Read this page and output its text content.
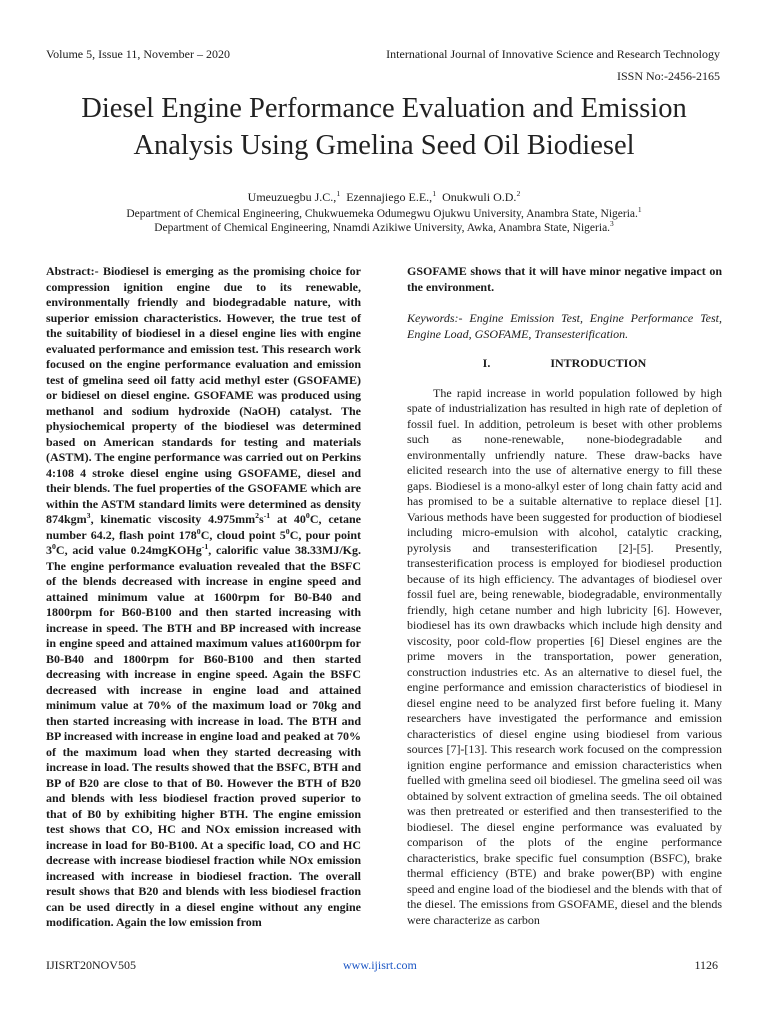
Volume 5, Issue 11, November – 2020	International Journal of Innovative Science and Research Technology
ISSN No:-2456-2165
Diesel Engine Performance Evaluation and Emission Analysis Using Gmelina Seed Oil Biodiesel
Umeuzuegbu J.C.,$^1$ Ezennajiego E.E.,$^1$ Onukwuli O.D.$^2$
Department of Chemical Engineering, Chukwuemeka Odumegwu Ojukwu University, Anambra State, Nigeria.$^1$
Department of Chemical Engineering, Nnamdi Azikiwe University, Awka, Anambra State, Nigeria.$^3$

Abstract:- Biodiesel is emerging as the promising choice for compression ignition engine due to its renewable, environmentally friendly and biodegradable nature, with superior emission characteristics. However, the true test of the suitability of biodiesel in a diesel engine lies with engine evaluated performance and emission test. This research work focused on the engine performance evaluation and emission test of gmelina seed oil fatty acid methyl ester (GSOFAME) or bidiesel on diesel engine. GSOFAME was produced using methanol and sodium hydroxide (NaOH) catalyst. The physiochemical property of the biodiesel was determined based on American standards for testing and materials (ASTM). The engine performance was carried out on Perkins 4:108 4 stroke diesel engine using GSOFAME, diesel and their blends. The fuel properties of the GSOFAME which are within the ASTM standard limits were determined as density 874kgm$^3$, kinematic viscosity $4.975mm^2s^{-1}$ at $40^0C$, cetane number 64.2, flash point $178^0C$, cloud point $5^0C$, pour point $3^0C$, acid value 0.24mgKOHg$^{-1}$, calorific value 38.33MJ/Kg. The engine performance evaluation revealed that the BSFC of the blends decreased with increase in engine speed and attained minimum value at 1600rpm for B0-B40 and 1800rpm for B60-B100 and then started increasing with increase in speed. The BTH and BP increased with increase in engine speed and attained maximum values at1600rpm for B0-B40 and 1800rpm for B60-B100 and then started decreasing with increase in engine speed. Again the BSFC decreased with increase in engine load and attained minimum value at 70% of the maximum load or 70kg and then started increasing with increase in load. The BTH and BP increased with increase in engine load and peaked at 70% of the maximum load when they started decreasing with increase in load. The results showed that the BSFC, BTH and BP of B20 are close to that of B0. However the BTH of B20 and blends with less biodiesel fraction proved superior to that of B0 by exhibiting higher BTH. The engine emission test shows that CO, HC and NOx emission increased with increase in load for B0-B100. At a specific load, CO and HC decrease with increase biodiesel fraction while NOx emission increased with increase in biodiesel fraction. The overall result shows that B20 and blends with less biodiesel fraction can be used directly in a diesel engine without any engine modification. Again the low emission from

GSOFAME shows that it will have minor negative impact on the environment.

Keywords:- Engine Emission Test, Engine Performance Test, Engine Load, GSOFAME, Transesterification.

I.	INTRODUCTION

The rapid increase in world population followed by high spate of industrialization has resulted in high rate of depletion of fossil fuel. In addition, petroleum is beset with other problems such as none-renewable, none-biodegradable and environmentally unfriendly nature. These draw-backs have elicited research into the use of alternative energy to fill these gaps. Biodiesel is a mono-alkyl ester of long chain fatty acid and has promised to be a suitable alternative to replace diesel [1]. Various methods have been suggested for production of biodiesel including micro-emulsion with alcohol, catalytic cracking, pyrolysis and transesterification [2]-[5]. Presently, transesterification process is employed for biodiesel production because of its high efficiency. The advantages of biodiesel over fossil fuel are, being renewable, biodegradable, environmentally friendly, high cetane number and high lubricity [6]. However, biodiesel has its own drawbacks which include high density and viscosity, poor cold-flow properties [6] Diesel engines are the prime movers in the transportation, power generation, construction industries etc. As an alternative to diesel fuel, the engine performance and emission characteristics of biodiesel in diesel engine need to be analyzed first before fueling it. Many researchers have investigated the performance and emission characteristics of diesel engine using biodiesel from various sources [7]-[13]. This research work focused on the compression ignition engine performance and emission characteristics when fuelled with gmelina seed oil biodiesel. The gmelina seed oil was obtained by solvent extraction of gmelina seeds. The oil obtained was then pretreated or esterified and then transesterified to the biodiesel. The diesel engine performance was evaluated by comparison of the plots of the engine performance characteristics, brake specific fuel consumption (BSFC), brake thermal efficiency (BTE) and brake power(BP) with engine speed and engine load of the biodiesel and the blends with that of the diesel. The emissions from GSOFAME, diesel and the blends were characterize as carbon

IJISRT20NOV505	www.ijisrt.com	1126
